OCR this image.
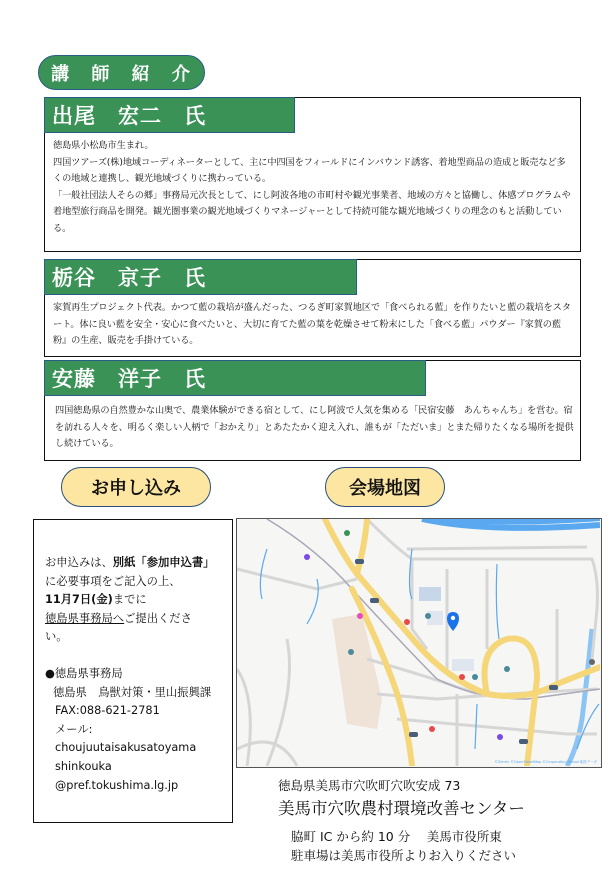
講 師 紹 介
出尾　宏二　氏

徳島県小松島市生まれ。

四国ツアーズ(株)地域コーディネーターとして、主に中四国をフィールドにインバウンド誘客、着地型商品の造成と販売など多くの地域と連携し、観光地域づくりに携わっている。

「一般社団法人そらの郷」事務局元次長として、にし阿波各地の市町村や観光事業者、地域の方々と協働し、体感プログラムや着地型旅行商品を開発。観光圏事業の観光地域づくりマネージャーとして持続可能な観光地域づくりの理念のもと活動している。

栃谷　京子　氏

家賀再生プロジェクト代表。かつて藍の栽培が盛んだった、つるぎ町家賀地区で「食べられる藍」を作りたいと藍の栽培をスタート。体に良い藍を安全・安心に食べたいと、大切に育てた藍の葉を乾燥させて粉末にした「食べる藍」パウダー『家賀の藍粉』の生産、販売を手掛けている。

安藤　洋子　氏

四国徳島県の自然豊かな山奥で、農業体験ができる宿として、にし阿波で人気を集める「民宿安藤　あんちゃんち」を営む。宿を訪れる人々を、明るく楽しい人柄で「おかえり」とあたたかく迎え入れ、誰もが「ただいま」とまた帰りたくなる場所を提供し続けている。

お申し込み	会場地図
お申込みは、別紙「参加申込書」
に必要事項をご記入の上、
11月7日(金)までに
徳島県事務局へご提出くださ
い。
●徳島県事務局
徳島県　鳥獣対策・里山振興課
FAX:088-621-2781
メール:
choujuutaisakusatoyama
shinkouka
@pref.tokushima.lg.jp
©Zenrin ©OpenStreetMap ©Corporation Yahoo!地図データ
徳島県美馬市穴吹町穴吹安成 73
美馬市穴吹農村環境改善センター
脇町 IC から約 10 分　 美馬市役所東
駐車場は美馬市役所よりお入りください
